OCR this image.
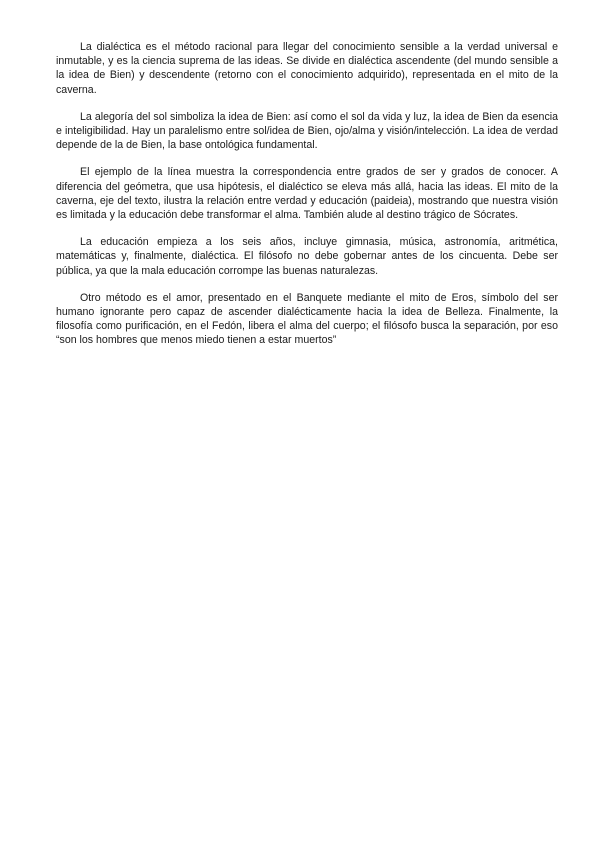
La dialéctica es el método racional para llegar del conocimiento sensible a la verdad universal e inmutable, y es la ciencia suprema de las ideas. Se divide en dialéctica ascendente (del mundo sensible a la idea de Bien) y descendente (retorno con el conocimiento adquirido), representada en el mito de la caverna.

La alegoría del sol simboliza la idea de Bien: así como el sol da vida y luz, la idea de Bien da esencia e inteligibilidad. Hay un paralelismo entre sol/idea de Bien, ojo/alma y visión/intelección. La idea de verdad depende de la de Bien, la base ontológica fundamental.

El ejemplo de la línea muestra la correspondencia entre grados de ser y grados de conocer. A diferencia del geómetra, que usa hipótesis, el dialéctico se eleva más allá, hacia las ideas. El mito de la caverna, eje del texto, ilustra la relación entre verdad y educación (paideia), mostrando que nuestra visión es limitada y la educación debe transformar el alma. También alude al destino trágico de Sócrates.

La educación empieza a los seis años, incluye gimnasia, música, astronomía, aritmética, matemáticas y, finalmente, dialéctica. El filósofo no debe gobernar antes de los cincuenta. Debe ser pública, ya que la mala educación corrompe las buenas naturalezas.

Otro método es el amor, presentado en el Banquete mediante el mito de Eros, símbolo del ser humano ignorante pero capaz de ascender dialécticamente hacia la idea de Belleza. Finalmente, la filosofía como purificación, en el Fedón, libera el alma del cuerpo; el filósofo busca la separación, por eso “son los hombres que menos miedo tienen a estar muertos”
